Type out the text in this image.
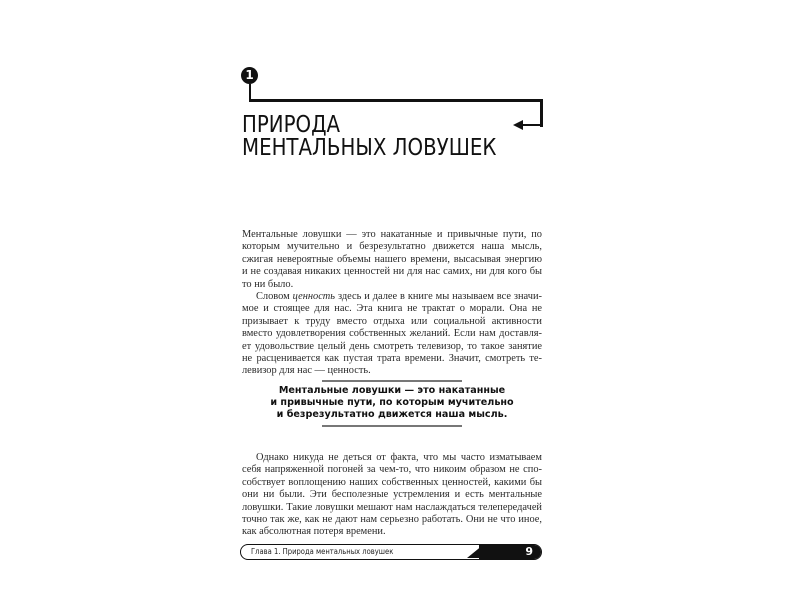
1
ПРИРОДА
МЕНТАЛЬНЫХ ЛОВУШЕК
Ментальные ловушки — это накатанные и привычные пути, по
которым мучительно и безрезультатно движется наша мысль,
сжигая невероятные объемы нашего времени, высасывая энергию
и не создавая никаких ценностей ни для нас самих, ни для кого бы
то ни было.
Словом ценность здесь и далее в книге мы называем все значи-
мое и стоящее для нас. Эта книга не трактат о морали. Она не
призывает к труду вместо отдыха или социальной активности
вместо удовлетворения собственных желаний. Если нам доставля-
ет удовольствие целый день смотреть телевизор, то такое занятие
не расценивается как пустая трата времени. Значит, смотреть те-
левизор для нас — ценность.
Ментальные ловушки — это накатанные
и привычные пути, по которым мучительно
и безрезультатно движется наша мысль.
Однако никуда не деться от факта, что мы часто изматываем
себя напряженной погоней за чем-то, что никоим образом не спо-
собствует воплощению наших собственных ценностей, какими бы
они ни были. Эти бесполезные устремления и есть ментальные
ловушки. Такие ловушки мешают нам наслаждаться телепередачей
точно так же, как не дают нам серьезно работать. Они не что иное,
как абсолютная потеря времени.
Глава 1. Природа ментальных ловушек	9
